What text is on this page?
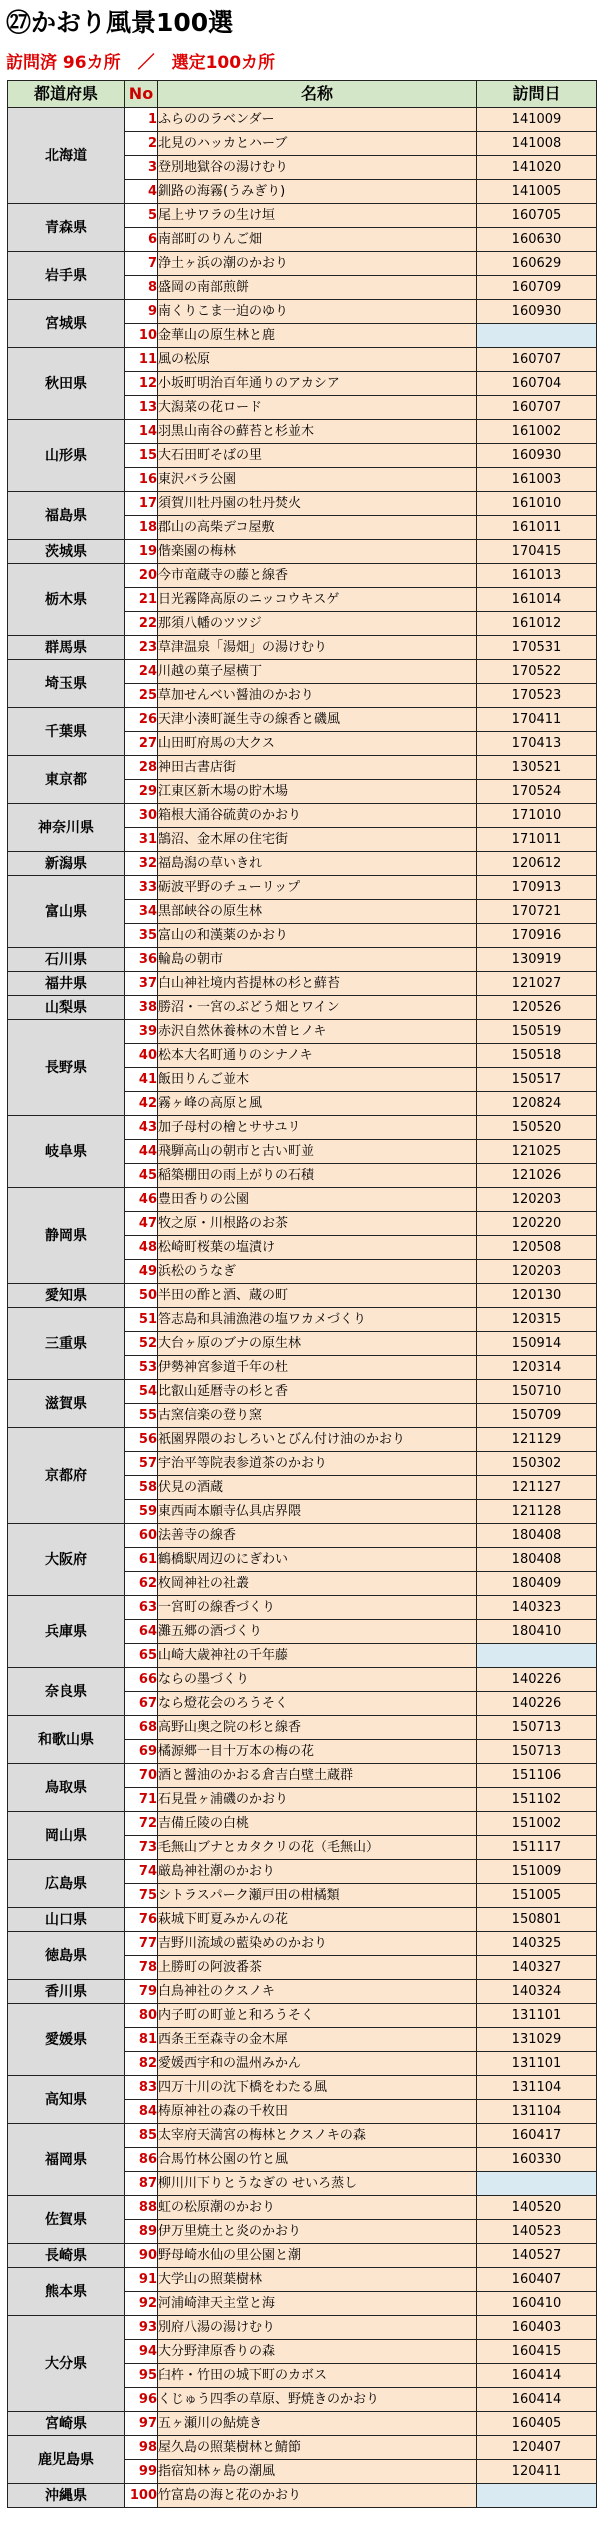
㉗かおり風景100選
訪問済 96カ所　／　選定100カ所
都道府県	No	名称	訪問日
北海道	1	ふらののラベンダー	141009
	2	北見のハッカとハーブ	141008
	3	登別地獄谷の湯けむり	141020
	4	釧路の海霧(うみぎり)	141005
青森県	5	尾上サワラの生け垣	160705
	6	南部町のりんご畑	160630
岩手県	7	浄土ヶ浜の潮のかおり	160629
	8	盛岡の南部煎餅	160709
宮城県	9	南くりこま一迫のゆり	160930
	10	金華山の原生林と鹿	
秋田県	11	風の松原	160707
	12	小坂町明治百年通りのアカシア	160704
	13	大潟菜の花ロード	160707
山形県	14	羽黒山南谷の蘚苔と杉並木	161002
	15	大石田町そばの里	160930
	16	東沢バラ公園	161003
福島県	17	須賀川牡丹園の牡丹焚火	161010
	18	郡山の高柴デコ屋敷	161011
茨城県	19	偕楽園の梅林	170415
栃木県	20	今市竜蔵寺の藤と線香	161013
	21	日光霧降高原のニッコウキスゲ	161014
	22	那須八幡のツツジ	161012
群馬県	23	草津温泉「湯畑」の湯けむり	170531
埼玉県	24	川越の菓子屋横丁	170522
	25	草加せんべい醤油のかおり	170523
千葉県	26	天津小湊町誕生寺の線香と磯風	170411
	27	山田町府馬の大クス	170413
東京都	28	神田古書店街	130521
	29	江東区新木場の貯木場	170524
神奈川県	30	箱根大涌谷硫黄のかおり	171010
	31	鵠沼、金木犀の住宅街	171011
新潟県	32	福島潟の草いきれ	120612
富山県	33	砺波平野のチューリップ	170913
	34	黒部峡谷の原生林	170721
	35	富山の和漢薬のかおり	170916
石川県	36	輪島の朝市	130919
福井県	37	白山神社境内苔提林の杉と蘚苔	121027
山梨県	38	勝沼・一宮のぶどう畑とワイン	120526
長野県	39	赤沢自然休養林の木曽ヒノキ	150519
	40	松本大名町通りのシナノキ	150518
	41	飯田りんご並木	150517
	42	霧ヶ峰の高原と風	120824
岐阜県	43	加子母村の檜とササユリ	150520
	44	飛騨高山の朝市と古い町並	121025
	45	稲築棚田の雨上がりの石積	121026
静岡県	46	豊田香りの公園	120203
	47	牧之原・川根路のお茶	120220
	48	松崎町桜葉の塩漬け	120508
	49	浜松のうなぎ	120203
愛知県	50	半田の酢と酒、蔵の町	120130
三重県	51	答志島和具浦漁港の塩ワカメづくり	120315
	52	大台ヶ原のブナの原生林	150914
	53	伊勢神宮参道千年の杜	120314
滋賀県	54	比叡山延暦寺の杉と香	150710
	55	古窯信楽の登り窯	150709
京都府	56	祇園界隈のおしろいとびん付け油のかおり	121129
	57	宇治平等院表参道茶のかおり	150302
	58	伏見の酒蔵	121127
	59	東西両本願寺仏具店界隈	121128
大阪府	60	法善寺の線香	180408
	61	鶴橋駅周辺のにぎわい	180408
	62	枚岡神社の社叢	180409
兵庫県	63	一宮町の線香づくり	140323
	64	灘五郷の酒づくり	180410
	65	山崎大歳神社の千年藤	
奈良県	66	ならの墨づくり	140226
	67	なら燈花会のろうそく	140226
和歌山県	68	高野山奥之院の杉と線香	150713
	69	橘源郷一目十万本の梅の花	150713
鳥取県	70	酒と醤油のかおる倉吉白壁土蔵群	151106
	71	石見畳ヶ浦磯のかおり	151102
岡山県	72	吉備丘陵の白桃	151002
	73	毛無山ブナとカタクリの花（毛無山）	151117
広島県	74	厳島神社潮のかおり	151009
	75	シトラスパーク瀬戸田の柑橘類	151005
山口県	76	萩城下町夏みかんの花	150801
徳島県	77	吉野川流域の藍染めのかおり	140325
	78	上勝町の阿波番茶	140327
香川県	79	白鳥神社のクスノキ	140324
愛媛県	80	内子町の町並と和ろうそく	131101
	81	西条王至森寺の金木犀	131029
	82	愛媛西宇和の温州みかん	131101
高知県	83	四万十川の沈下橋をわたる風	131104
	84	梼原神社の森の千枚田	131104
福岡県	85	太宰府天満宮の梅林とクスノキの森	160417
	86	合馬竹林公園の竹と風	160330
	87	柳川川下りとうなぎの せいろ蒸し	
佐賀県	88	虹の松原潮のかおり	140520
	89	伊万里焼土と炎のかおり	140523
長崎県	90	野母崎水仙の里公園と潮	140527
熊本県	91	大学山の照葉樹林	160407
	92	河浦崎津天主堂と海	160410
大分県	93	別府八湯の湯けむり	160403
	94	大分野津原香りの森	160415
	95	臼杵・竹田の城下町のカボス	160414
	96	くじゅう四季の草原、野焼きのかおり	160414
宮崎県	97	五ヶ瀬川の鮎焼き	160405
鹿児島県	98	屋久島の照葉樹林と鯖節	120407
	99	指宿知林ヶ島の潮風	120411
沖縄県	100	竹富島の海と花のかおり	
